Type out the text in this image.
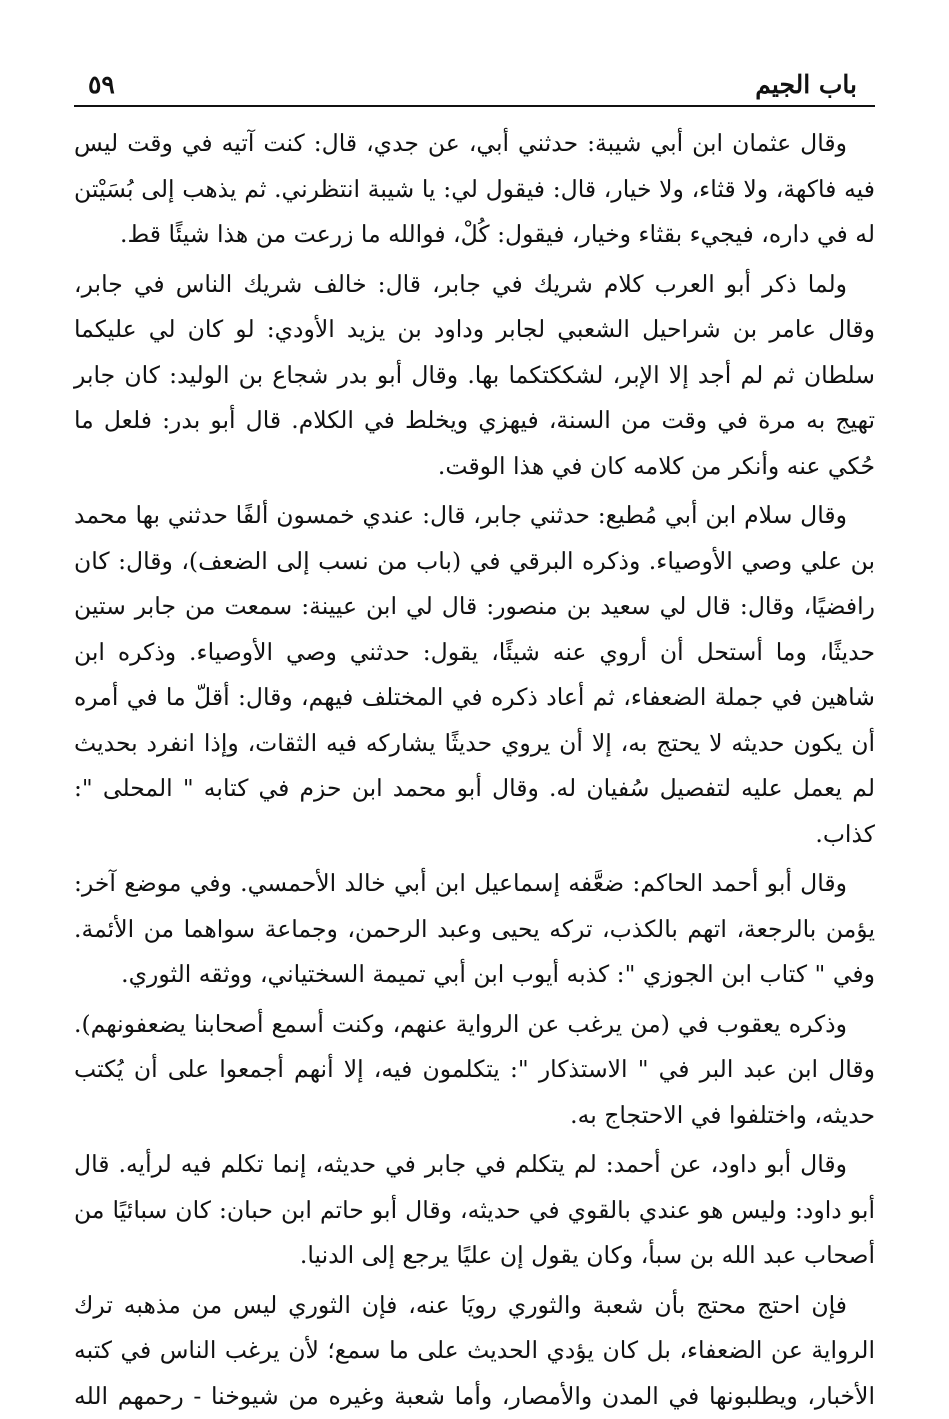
باب الجيم
٥٩

وقال عثمان ابن أبي شيبة: حدثني أبي، عن جدي، قال: كنت آتيه في وقت ليس فيه فاكهة، ولا قثاء، ولا خيار، قال: فيقول لي: يا شيبة انتظرني. ثم يذهب إلى بُسَيْتن له في داره، فيجيء بقثاء وخيار، فيقول: كُلْ، فوالله ما زرعت من هذا شيئًا قط.

ولما ذكر أبو العرب كلام شريك في جابر، قال: خالف شريك الناس في جابر، وقال عامر بن شراحيل الشعبي لجابر وداود بن يزيد الأودي: لو كان لي عليكما سلطان ثم لم أجد إلا الإبر، لشككتكما بها. وقال أبو بدر شجاع بن الوليد: كان جابر تهيج به مرة في وقت من السنة، فيهزي ويخلط في الكلام. قال أبو بدر: فلعل ما حُكي عنه وأنكر من كلامه كان في هذا الوقت.

وقال سلام ابن أبي مُطيع: حدثني جابر، قال: عندي خمسون ألفًا حدثني بها محمد بن علي وصي الأوصياء. وذكره البرقي في (باب من نسب إلى الضعف)، وقال: كان رافضيًا، وقال: قال لي سعيد بن منصور: قال لي ابن عيينة: سمعت من جابر ستين حديثًا، وما أستحل أن أروي عنه شيئًا، يقول: حدثني وصي الأوصياء. وذكره ابن شاهين في جملة الضعفاء، ثم أعاد ذكره في المختلف فيهم، وقال: أقلّ ما في أمره أن يكون حديثه لا يحتج به، إلا أن يروي حديثًا يشاركه فيه الثقات، وإذا انفرد بحديث لم يعمل عليه لتفصيل سُفيان له. وقال أبو محمد ابن حزم في كتابه " المحلى ": كذاب.

وقال أبو أحمد الحاكم: ضعَّفه إسماعيل ابن أبي خالد الأحمسي. وفي موضع آخر: يؤمن بالرجعة، اتهم بالكذب، تركه يحيى وعبد الرحمن، وجماعة سواهما من الأئمة. وفي " كتاب ابن الجوزي ": كذبه أيوب ابن أبي تميمة السختياني، ووثقه الثوري.

وذكره يعقوب في (من يرغب عن الرواية عنهم، وكنت أسمع أصحابنا يضعفونهم). وقال ابن عبد البر في " الاستذكار ": يتكلمون فيه، إلا أنهم أجمعوا على أن يُكتب حديثه، واختلفوا في الاحتجاج به.

وقال أبو داود، عن أحمد: لم يتكلم في جابر في حديثه، إنما تكلم فيه لرأيه. قال أبو داود: وليس هو عندي بالقوي في حديثه، وقال أبو حاتم ابن حبان: كان سبائيًا من أصحاب عبد الله بن سبأ، وكان يقول إن عليًا يرجع إلى الدنيا.

فإن احتج محتج بأن شعبة والثوري رويَا عنه، فإن الثوري ليس من مذهبه ترك الرواية عن الضعفاء، بل كان يؤدي الحديث على ما سمع؛ لأن يرغب الناس في كتبه الأخبار، ويطلبونها في المدن والأمصار، وأما شعبة وغيره من شيوخنا - رحمهم الله
